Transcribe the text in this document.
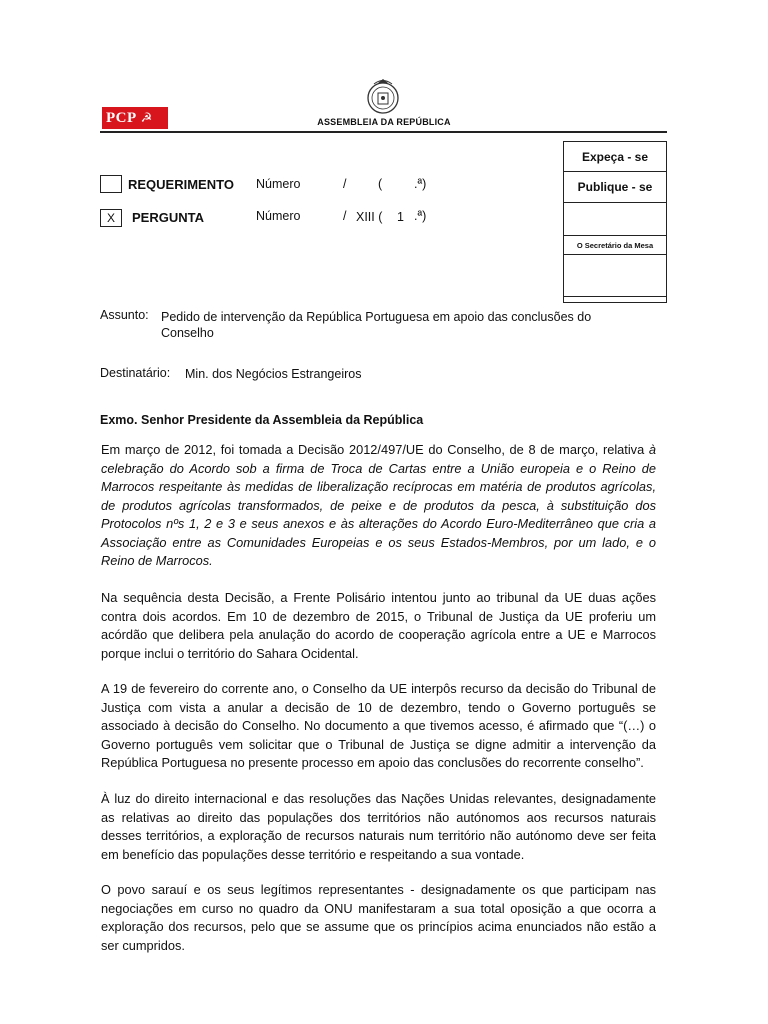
PCP ☭	ASSEMBLEIA DA REPÚBLICA
Expeça - se
Publique - se
O Secretário da Mesa
REQUERIMENTO Número	/	(	.ª)
X	PERGUNTA	Número	/ XIII ( 1 .ª)
Assunto: Pedido de intervenção da República Portuguesa em apoio das conclusões do
Conselho
Destinatário: Min. dos Negócios Estrangeiros
Exmo. Senhor Presidente da Assembleia da República
Em março de 2012, foi tomada a Decisão 2012/497/UE do Conselho, de 8 de março, relativa à celebração do Acordo sob a firma de Troca de Cartas entre a União europeia e o Reino de Marrocos respeitante às medidas de liberalização recíprocas em matéria de produtos agrícolas, de produtos agrícolas transformados, de peixe e de produtos da pesca, à substituição dos Protocolos nºs 1, 2 e 3 e seus anexos e às alterações do Acordo Euro-Mediterrâneo que cria a Associação entre as Comunidades Europeias e os seus Estados-Membros, por um lado, e o Reino de Marrocos.
Na sequência desta Decisão, a Frente Polisário intentou junto ao tribunal da UE duas ações contra dois acordos. Em 10 de dezembro de 2015, o Tribunal de Justiça da UE proferiu um acórdão que delibera pela anulação do acordo de cooperação agrícola entre a UE e Marrocos porque inclui o território do Sahara Ocidental.
A 19 de fevereiro do corrente ano, o Conselho da UE interpôs recurso da decisão do Tribunal de Justiça com vista a anular a decisão de 10 de dezembro, tendo o Governo português se associado à decisão do Conselho. No documento a que tivemos acesso, é afirmado que “(…) o Governo português vem solicitar que o Tribunal de Justiça se digne admitir a intervenção da República Portuguesa no presente processo em apoio das conclusões do recorrente conselho”.
À luz do direito internacional e das resoluções das Nações Unidas relevantes, designadamente as relativas ao direito das populações dos territórios não autónomos aos recursos naturais desses territórios, a exploração de recursos naturais num território não autónomo deve ser feita em benefício das populações desse território e respeitando a sua vontade.
O povo sarauí e os seus legítimos representantes - designadamente os que participam nas negociações em curso no quadro da ONU manifestaram a sua total oposição a que ocorra a exploração dos recursos, pelo que se assume que os princípios acima enunciados não estão a ser cumpridos.
